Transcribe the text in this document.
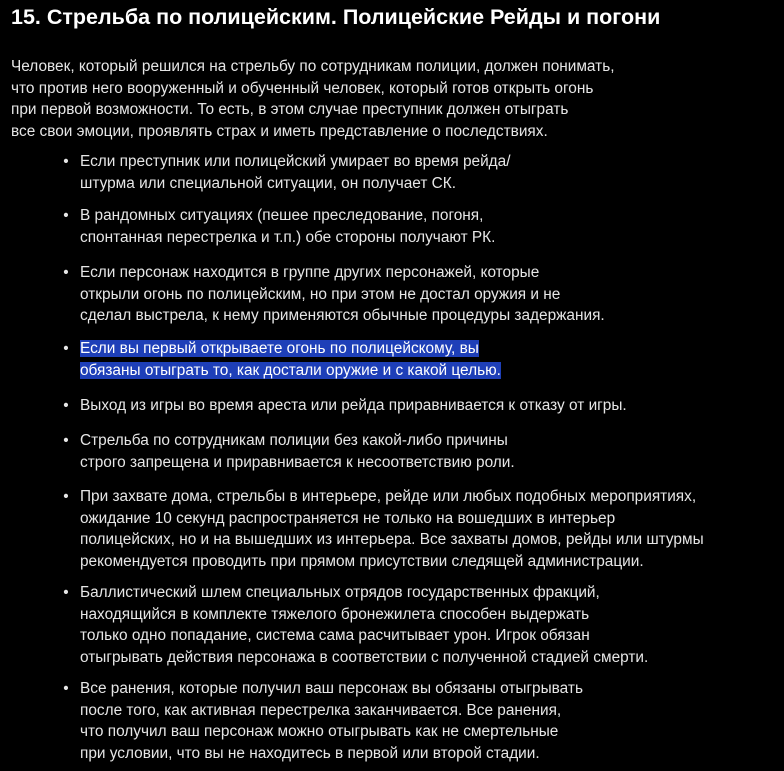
15. Стрельба по полицейским. Полицейские Рейды и погони

Человек, который решился на стрельбу по сотрудникам полиции, должен понимать,
что против него вооруженный и обученный человек, который готов открыть огонь
при первой возможности. То есть, в этом случае преступник должен отыграть
все свои эмоции, проявлять страх и иметь представление о последствиях.

• Если преступник или полицейский умирает во время рейда/
штурма или специальной ситуации, он получает СК.
• В рандомных ситуациях (пешее преследование, погоня,
спонтанная перестрелка и т.п.) обе стороны получают РК.
• Если персонаж находится в группе других персонажей, которые
открыли огонь по полицейским, но при этом не достал оружия и не
сделал выстрела, к нему применяются обычные процедуры задержания.
• Если вы первый открываете огонь по полицейскому, вы
обязаны отыграть то, как достали оружие и с какой целью.
• Выход из игры во время ареста или рейда приравнивается к отказу от игры.
• Стрельба по сотрудникам полиции без какой-либо причины
строго запрещена и приравнивается к несоответствию роли.
• При захвате дома, стрельбы в интерьере, рейде или любых подобных мероприятиях,
ожидание 10 секунд распространяется не только на вошедших в интерьер
полицейских, но и на вышедших из интерьера. Все захваты домов, рейды или штурмы
рекомендуется проводить при прямом присутствии следящей администрации.
• Баллистический шлем специальных отрядов государственных фракций,
находящийся в комплекте тяжелого бронежилета способен выдержать
только одно попадание, система сама расчитывает урон. Игрок обязан
отыгрывать действия персонажа в соответствии с полученной стадией смерти.
• Все ранения, которые получил ваш персонаж вы обязаны отыгрывать
после того, как активная перестрелка заканчивается. Все ранения,
что получил ваш персонаж можно отыгрывать как не смертельные
при условии, что вы не находитесь в первой или второй стадии.
